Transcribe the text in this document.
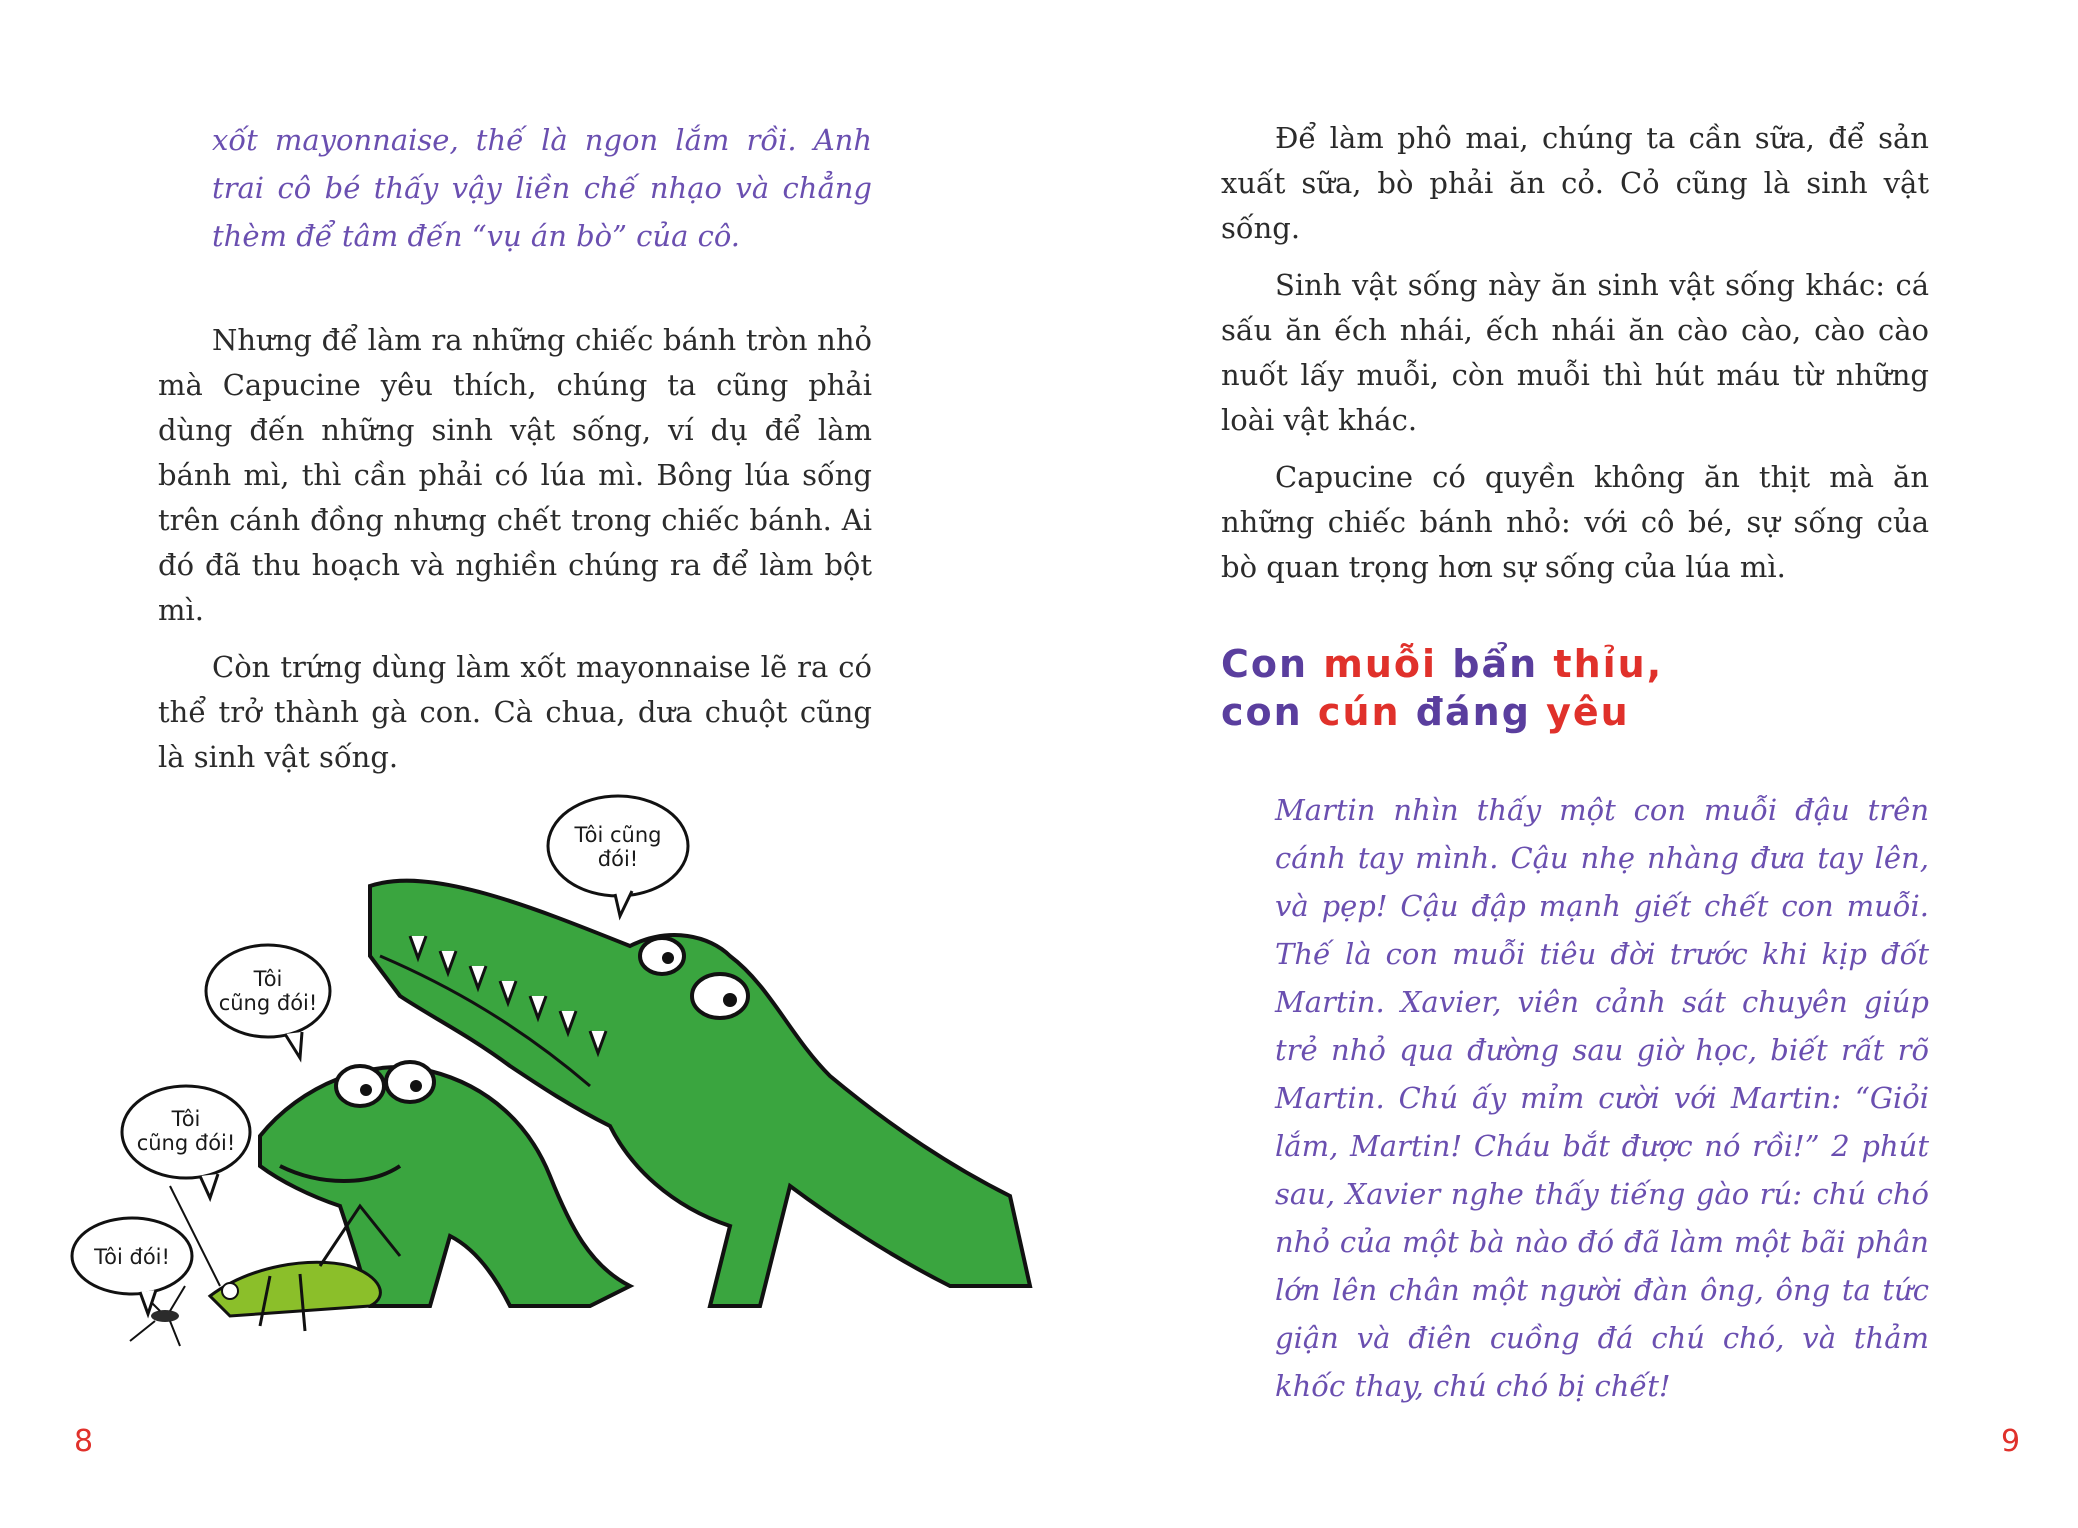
xốt mayonnaise, thế là ngon lắm rồi. Anh trai cô bé thấy vậy liền chế nhạo và chẳng thèm để tâm đến “vụ án bò” của cô.

Nhưng để làm ra những chiếc bánh tròn nhỏ mà Capucine yêu thích, chúng ta cũng phải dùng đến những sinh vật sống, ví dụ để làm bánh mì, thì cần phải có lúa mì. Bông lúa sống trên cánh đồng nhưng chết trong chiếc bánh. Ai đó đã thu hoạch và nghiền chúng ra để làm bột mì.

Còn trứng dùng làm xốt mayonnaise lẽ ra có thể trở thành gà con. Cà chua, dưa chuột cũng là sinh vật sống.

Tôi cũng
đói!
Tôi
cũng đói!
Tôi
cũng đói!
Tôi đói!
8

Để làm phô mai, chúng ta cần sữa, để sản xuất sữa, bò phải ăn cỏ. Cỏ cũng là sinh vật sống.

Sinh vật sống này ăn sinh vật sống khác: cá sấu ăn ếch nhái, ếch nhái ăn cào cào, cào cào nuốt lấy muỗi, còn muỗi thì hút máu từ những loài vật khác.

Capucine có quyền không ăn thịt mà ăn những chiếc bánh nhỏ: với cô bé, sự sống của bò quan trọng hơn sự sống của lúa mì.

Con muỗi bẩn thỉu,
con cún đáng yêu

Martin nhìn thấy một con muỗi đậu trên cánh tay mình. Cậu nhẹ nhàng đưa tay lên, và pẹp! Cậu đập mạnh giết chết con muỗi. Thế là con muỗi tiêu đời trước khi kịp đốt Martin. Xavier, viên cảnh sát chuyên giúp trẻ nhỏ qua đường sau giờ học, biết rất rõ Martin. Chú ấy mỉm cười với Martin: “Giỏi lắm, Martin! Cháu bắt được nó rồi!” 2 phút sau, Xavier nghe thấy tiếng gào rú: chú chó nhỏ của một bà nào đó đã làm một bãi phân lớn lên chân một người đàn ông, ông ta tức giận và điên cuồng đá chú chó, và thảm khốc thay, chú chó bị chết!

9
